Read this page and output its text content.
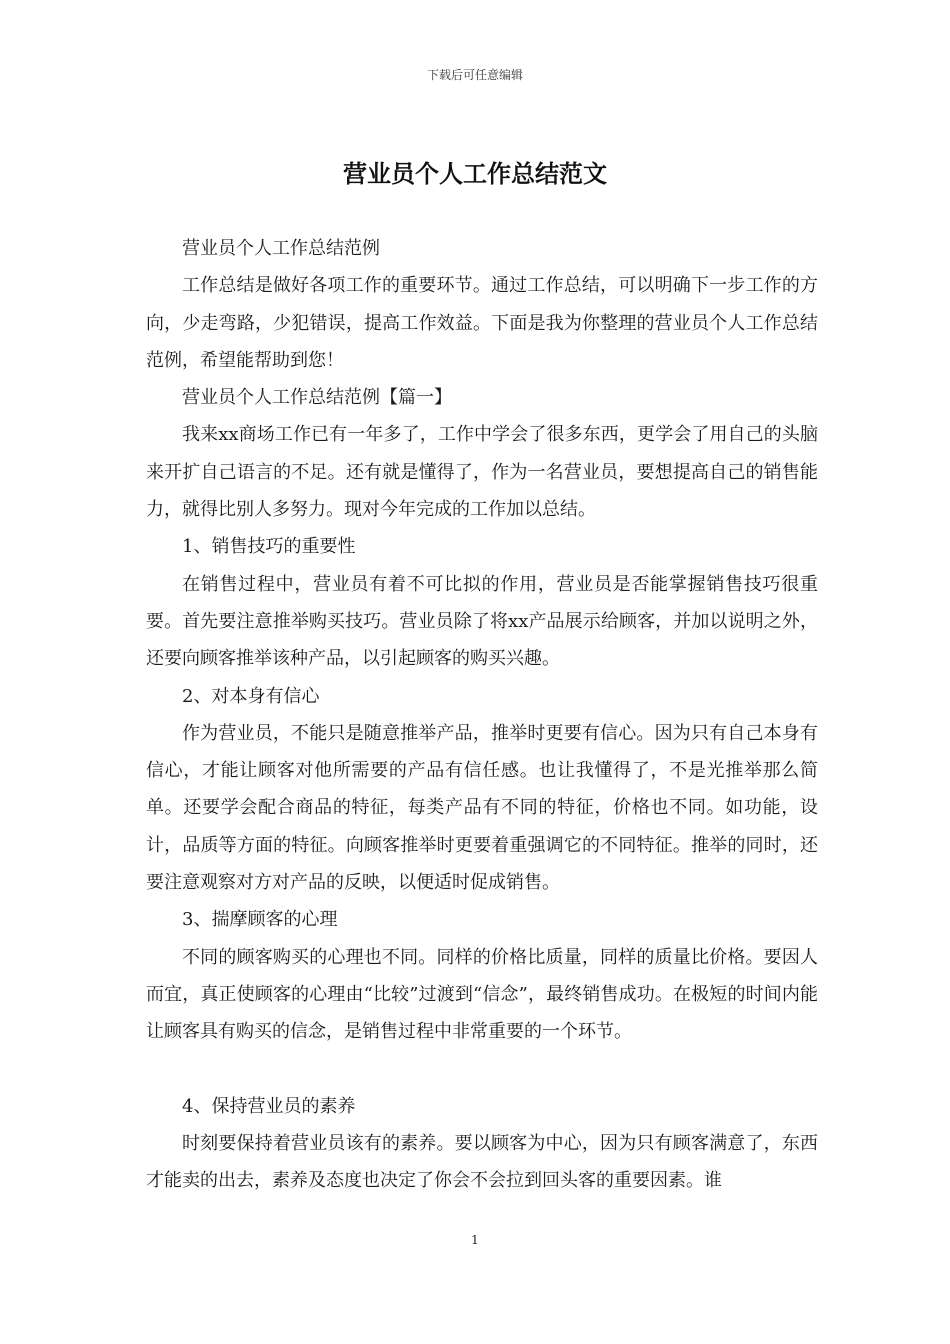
下载后可任意编辑
营业员个人工作总结范文

营业员个人工作总结范例

工作总结是做好各项工作的重要环节。通过工作总结，可以明确下一步工作的方向，少走弯路，少犯错误，提高工作效益。下面是我为你整理的营业员个人工作总结范例，希望能帮助到您！

营业员个人工作总结范例【篇一】

我来xx商场工作已有一年多了，工作中学会了很多东西，更学会了用自己的头脑来开扩自己语言的不足。还有就是懂得了，作为一名营业员，要想提高自己的销售能力，就得比别人多努力。现对今年完成的工作加以总结。

1、销售技巧的重要性

在销售过程中，营业员有着不可比拟的作用，营业员是否能掌握销售技巧很重要。首先要注意推举购买技巧。营业员除了将xx产品展示给顾客，并加以说明之外，还要向顾客推举该种产品，以引起顾客的购买兴趣。

2、对本身有信心

作为营业员，不能只是随意推举产品，推举时更要有信心。因为只有自己本身有信心，才能让顾客对他所需要的产品有信任感。也让我懂得了，不是光推举那么简单。还要学会配合商品的特征，每类产品有不同的特征，价格也不同。如功能，设计，品质等方面的特征。向顾客推举时更要着重强调它的不同特征。推举的同时，还要注意观察对方对产品的反映，以便适时促成销售。

3、揣摩顾客的心理

不同的顾客购买的心理也不同。同样的价格比质量，同样的质量比价格。要因人而宜，真正使顾客的心理由“比较”过渡到“信念”，最终销售成功。在极短的时间内能让顾客具有购买的信念，是销售过程中非常重要的一个环节。

4、保持营业员的素养

时刻要保持着营业员该有的素养。要以顾客为中心，因为只有顾客满意了，东西才能卖的出去，素养及态度也决定了你会不会拉到回头客的重要因素。谁

1
